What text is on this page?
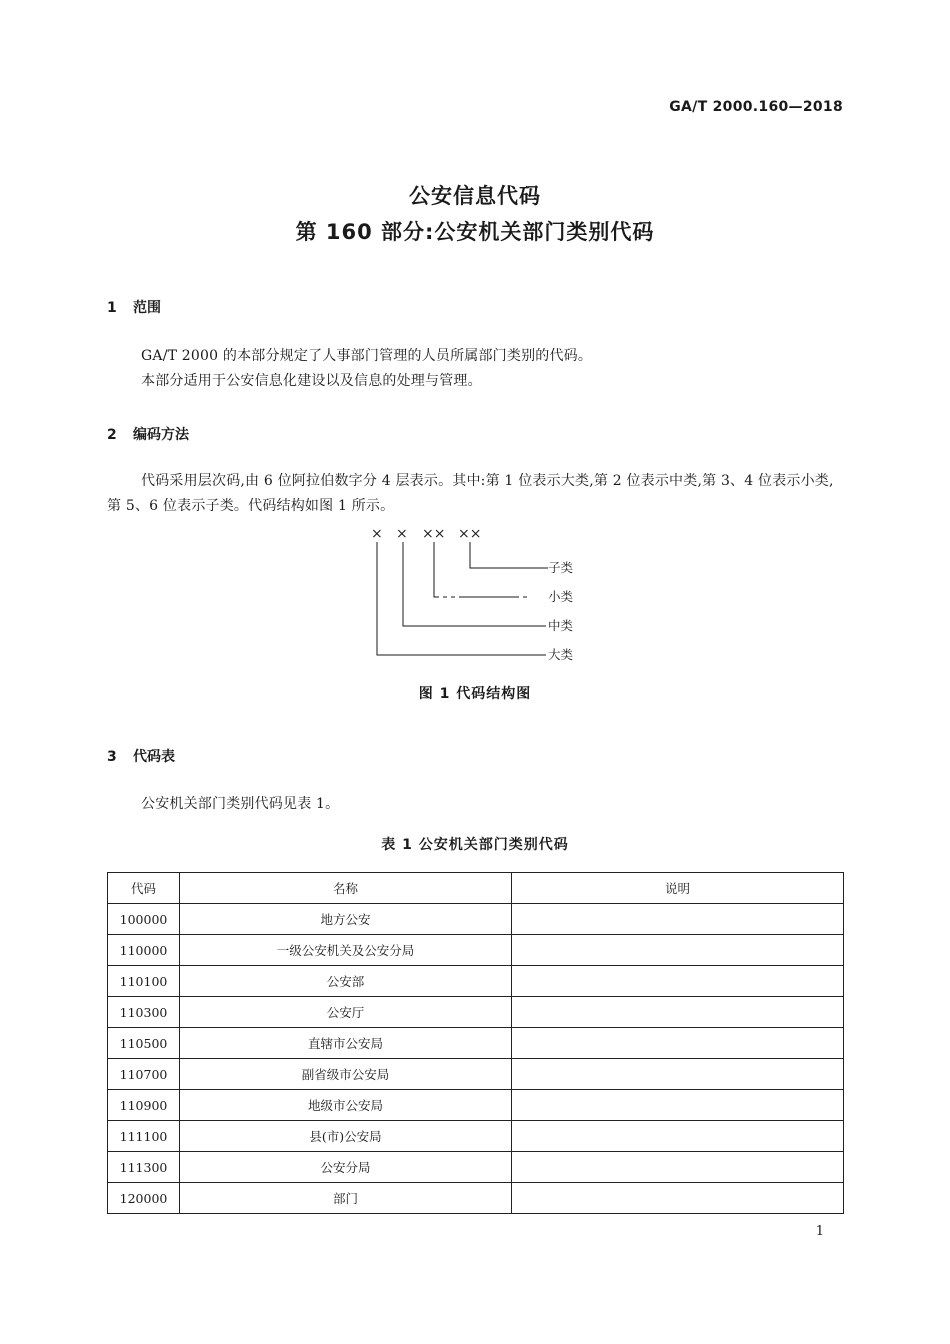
GA/T 2000.160—2018
公安信息代码
第 160 部分:公安机关部门类别代码
1 范围
GA/T 2000 的本部分规定了人事部门管理的人员所属部门类别的代码。
本部分适用于公安信息化建设以及信息的处理与管理。
2 编码方法
代码采用层次码,由 6 位阿拉伯数字分 4 层表示。其中:第 1 位表示大类,第 2 位表示中类,第 3、4 位表示小类,第 5、6 位表示子类。代码结构如图 1 所示。
× × ×× ××
子类
小类
中类
大类
图 1 代码结构图
3 代码表
公安机关部门类别代码见表 1。
表 1 公安机关部门类别代码
代码	名称	说明
100000	地方公安	
110000	一级公安机关及公安分局	
110100	公安部	
110300	公安厅	
110500	直辖市公安局	
110700	副省级市公安局	
110900	地级市公安局	
111100	县(市)公安局	
111300	公安分局	
120000	部门	
1
